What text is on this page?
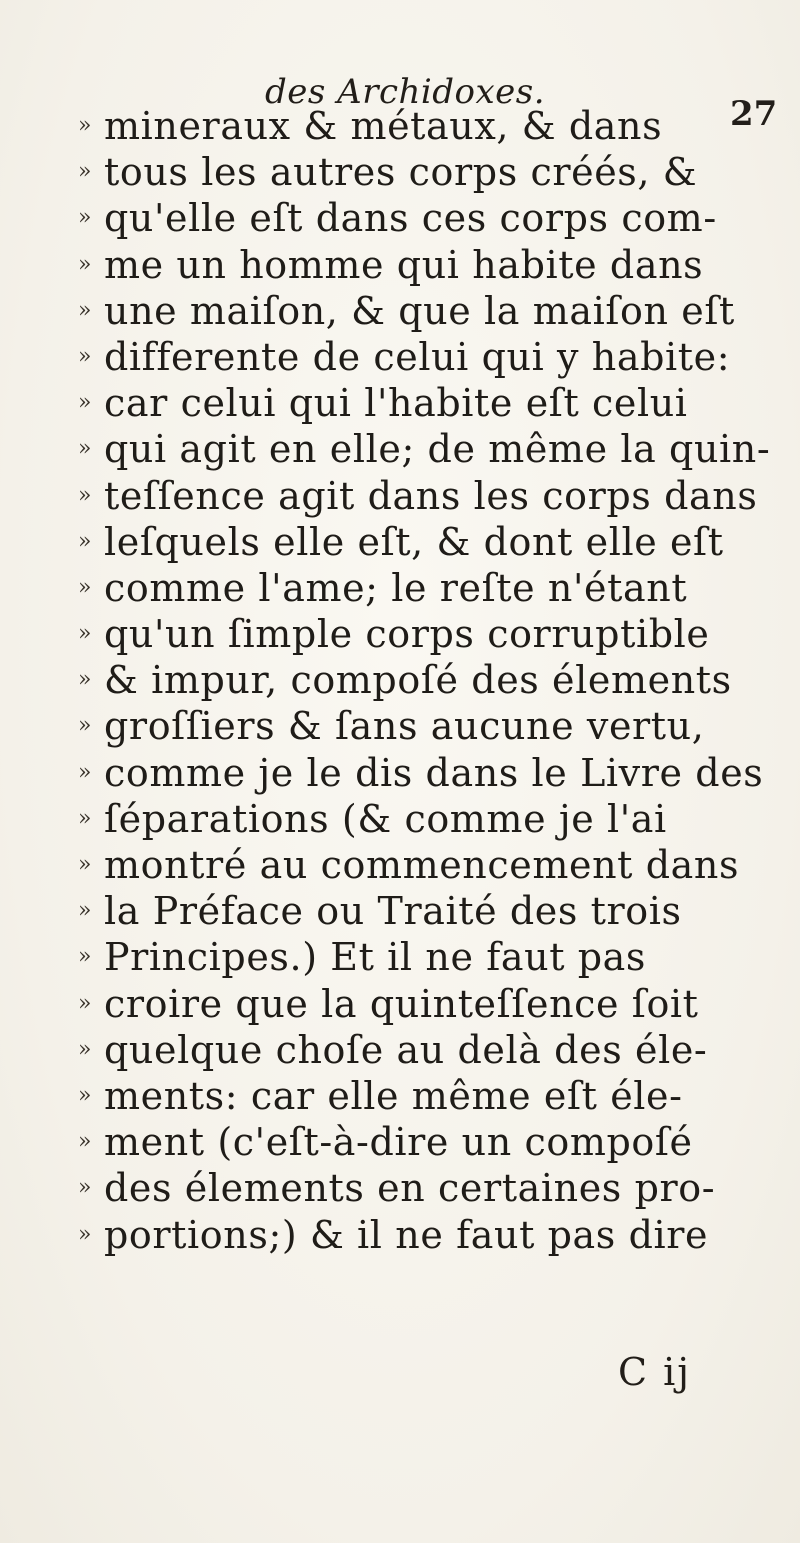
des Archidoxes.
27
» mineraux & métaux, & dans
» tous les autres corps créés, &
» qu'elle eſt dans ces corps com-
» me un homme qui habite dans
» une maiſon, & que la maiſon eſt
» differente de celui qui y habite:
» car celui qui l'habite eſt celui
» qui agit en elle; de même la quin-
» teſſence agit dans les corps dans
» leſquels elle eſt, & dont elle eſt
» comme l'ame; le reſte n'étant
» qu'un ſimple corps corruptible
» & impur, compoſé des élements
» groſſiers & ſans aucune vertu,
» comme je le dis dans le Livre des
» ſéparations (& comme je l'ai
» montré au commencement dans
» la Préface ou Traité des trois
» Principes.) Et il ne faut pas
» croire que la quinteſſence ſoit
» quelque choſe au delà des éle-
» ments: car elle même eſt éle-
» ment (c'eſt-à-dire un compoſé
» des élements en certaines pro-
» portions;) & il ne faut pas dire
C ij
